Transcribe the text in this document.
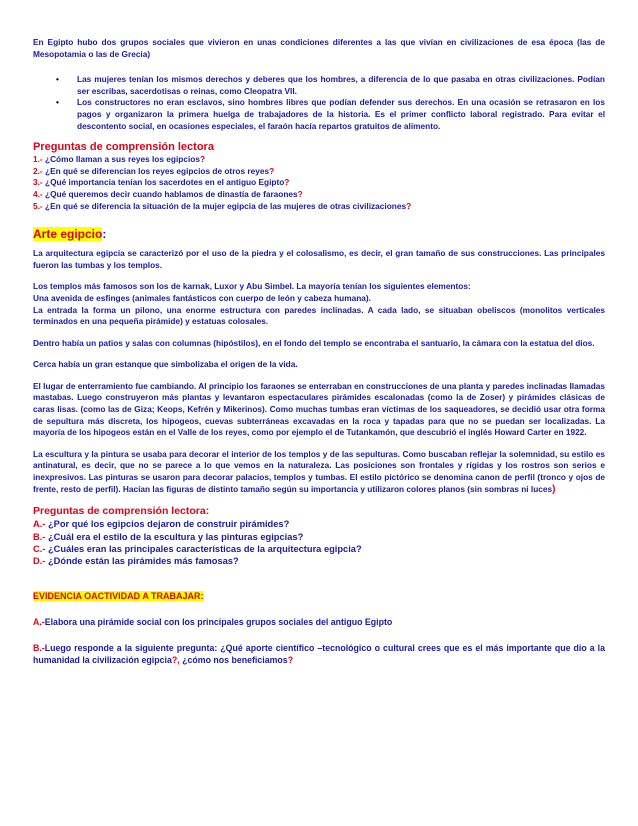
En Egipto hubo dos grupos sociales que vivieron en unas condiciones diferentes a las que vivían en civilizaciones de esa época (las de Mesopotamia o las de Grecia)

• Las mujeres tenían los mismos derechos y deberes que los hombres, a diferencia de lo que pasaba en otras civilizaciones. Podían ser escribas, sacerdotisas o reinas, como Cleopatra VII.
• Los constructores no eran esclavos, sino hombres libres que podían defender sus derechos. En una ocasión se retrasaron en los pagos y organizaron la primera huelga de trabajadores de la historia. Es el primer conflicto laboral registrado. Para evitar el descontento social, en ocasiones especiales, el faraón hacía repartos gratuitos de alimento.

Preguntas de comprensión lectora

1.- ¿Cómo llaman a sus reyes los egipcios?

2.- ¿En qué se diferencian los reyes egipcios de otros reyes?

3.- ¿Qué importancia tenían los sacerdotes en el antiguo Egipto?

4.- ¿Qué queremos decir cuando hablamos de dinastía de faraones?

5.- ¿En qué se diferencia la situación de la mujer egipcia de las mujeres de otras civilizaciones?

Arte egipcio:

La arquitectura egipcia se caracterizó por el uso de la piedra y el colosalismo, es decir, el gran tamaño de sus construcciones. Las principales fueron las tumbas y los templos.

Los templos más famosos son los de karnak, Luxor y Abu Simbel. La mayoría tenían los siguientes elementos:

Una avenida de esfinges (animales fantásticos con cuerpo de león y cabeza humana).

La entrada la forma un pilono, una enorme estructura con paredes inclinadas. A cada lado, se situaban obeliscos (monolitos verticales terminados en una pequeña pirámide) y estatuas colosales.

Dentro había un patios y salas con columnas (hipóstilos), en el fondo del templo se encontraba el santuario, la cámara con la estatua del dios.

Cerca había un gran estanque que simbolizaba el origen de la vida.

El lugar de enterramiento fue cambiando. Al principio los faraones se enterraban en construcciones de una planta y paredes inclinadas llamadas mastabas. Luego construyeron más plantas y levantaron espectaculares pirámides escalonadas (como la de Zoser) y pirámides clásicas de caras lisas. (como las de Giza; Keops, Kefrén y Mikerinos). Como muchas tumbas eran víctimas de los saqueadores, se decidió usar otra forma de sepultura más discreta, los hipogeos, cuevas subterráneas excavadas en la roca y tapadas para que no se puedan ser localizadas. La mayoría de los hipogeos están en el Valle de los reyes, como por ejemplo el de Tutankamón, que descubrió el inglés Howard Carter en 1922.

La escultura y la pintura se usaba para decorar el interior de los templos y de las sepulturas. Como buscaban reflejar la solemnidad, su estilo es antinatural, es decir, que no se parece a lo que vemos en la naturaleza. Las posiciones son frontales y rígidas y los rostros son serios e inexpresivos. Las pinturas se usaron para decorar palacios, templos y tumbas. El estilo pictórico se denomina canon de perfil (tronco y ojos de frente, resto de perfil). Hacían las figuras de distinto tamaño según su importancia y utilizaron colores planos (sin sombras ni luces)

Preguntas de comprensión lectora:

A.- ¿Por qué los egipcios dejaron de construir pirámides?

B.- ¿Cuál era el estilo de la escultura y las pinturas egipcias?

C.- ¿Cuáles eran las principales características de la arquitectura egipcia?

D.- ¿Dónde están las pirámides más famosas?

EVIDENCIA OACTIVIDAD A TRABAJAR:

A.-Elabora una pirámide social con los principales grupos sociales del antiguo Egipto

B.-Luego responde a la siguiente pregunta: ¿Qué aporte científico –tecnológico o cultural crees que es el más importante que dio a la humanidad la civilización egipcia?, ¿cómo nos beneficiamos?
